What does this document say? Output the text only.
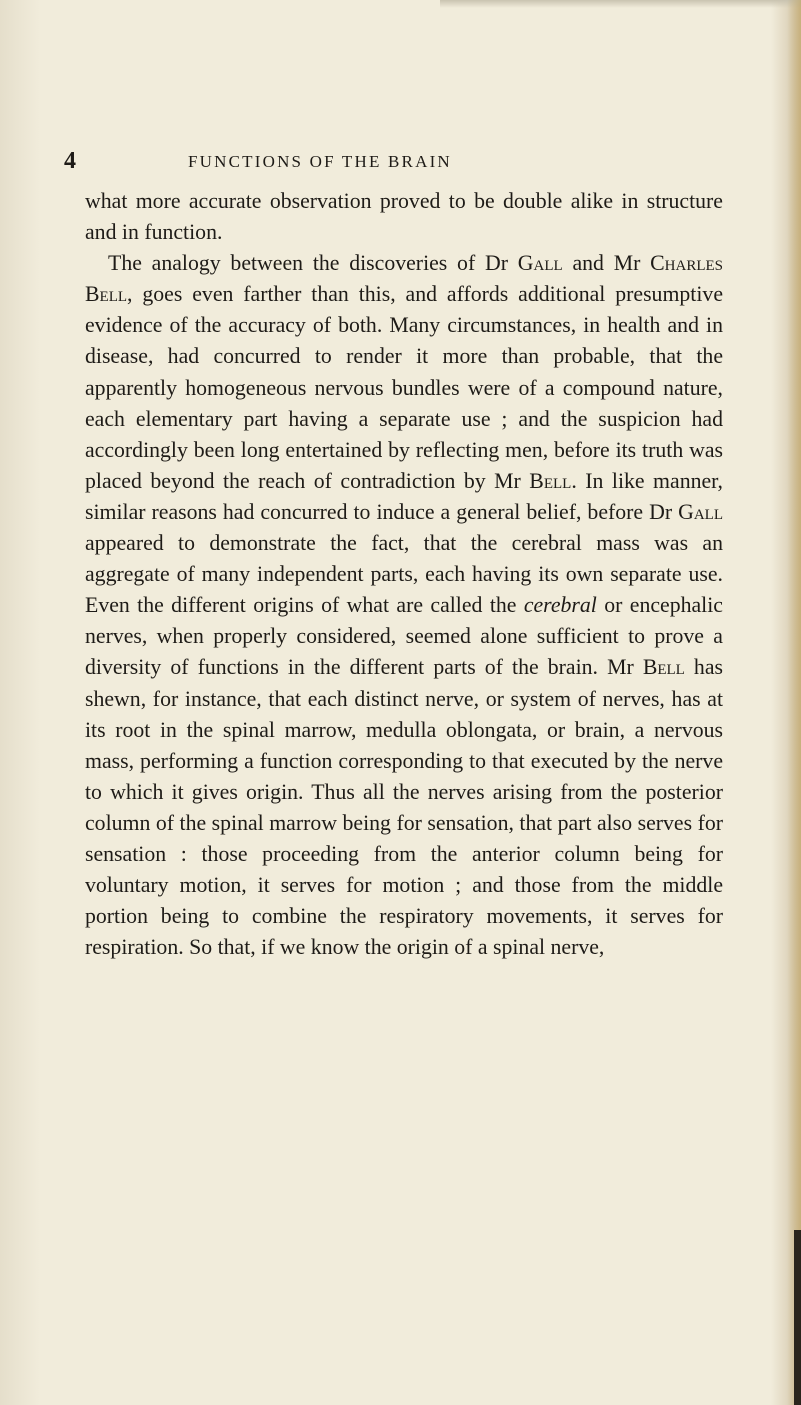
4	FUNCTIONS OF THE BRAIN

what more accurate observation proved to be double alike in structure and in function.

The analogy between the discoveries of Dr Gall and Mr Charles Bell, goes even farther than this, and affords additional presumptive evidence of the accuracy of both. Many circumstances, in health and in disease, had concurred to render it more than probable, that the apparently homogeneous nervous bundles were of a compound nature, each elementary part having a separate use ; and the suspicion had accordingly been long entertained by reflecting men, before its truth was placed beyond the reach of contradiction by Mr Bell. In like manner, similar reasons had concurred to induce a general belief, before Dr Gall appeared to demonstrate the fact, that the cerebral mass was an aggregate of many independent parts, each having its own separate use. Even the different origins of what are called the cerebral or encephalic nerves, when properly considered, seemed alone sufficient to prove a diversity of functions in the different parts of the brain. Mr Bell has shewn, for instance, that each distinct nerve, or system of nerves, has at its root in the spinal marrow, medulla oblongata, or brain, a nervous mass, performing a function corresponding to that executed by the nerve to which it gives origin. Thus all the nerves arising from the posterior column of the spinal marrow being for sensation, that part also serves for sensation : those proceeding from the anterior column being for voluntary motion, it serves for motion ; and those from the middle portion being to combine the respiratory movements, it serves for respiration. So that, if we know the origin of a spinal nerve,
